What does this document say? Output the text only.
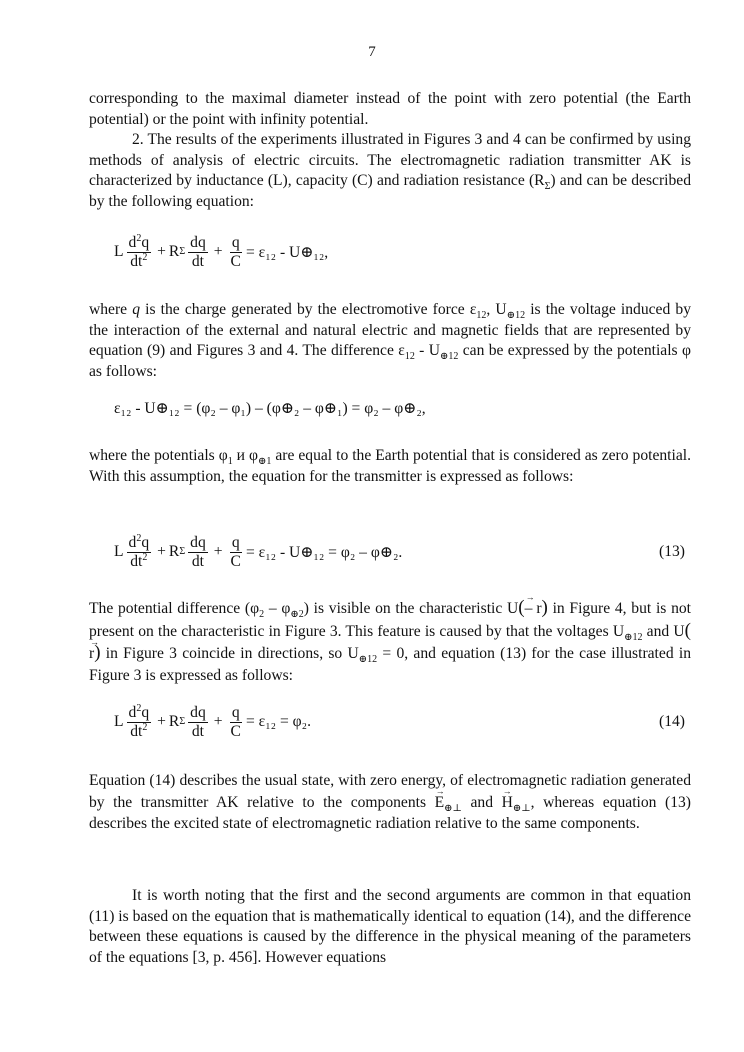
7

corresponding to the maximal diameter instead of the point with zero potential (the Earth potential) or the point with infinity potential.

2. The results of the experiments illustrated in Figures 3 and 4 can be confirmed by using methods of analysis of electric circuits. The electromagnetic radiation transmitter AK is characterized by inductance (L), capacity (C) and radiation resistance $(R_\Sigma)$ and can be described by the following equation:

L $\frac{d^2q}{dt^2} + R$ Σ $\frac{dq}{dt} + \frac{q}{C} = \varepsilon_{12}$ - U⊕₁₂,

where q is the charge generated by the electromotive force $\varepsilon_{12}$, $U_{\oplus 12}$ is the voltage induced by the interaction of the external and natural electric and magnetic fields that are represented by equation (9) and Figures 3 and 4. The difference $\varepsilon_{12} - U_{\oplus 12}$ can be expressed by the potentials φ as follows:

ε₁₂ - U⊕₁₂ = (φ₂ – φ₁) – (φ⊕₂ – φ⊕₁) = φ₂ – φ⊕₂,

where the potentials $\varphi_1$ и $\varphi_{\oplus 1}$ are equal to the Earth potential that is considered as zero potential. With this assumption, the equation for the transmitter is expressed as follows:

L $\frac{d^2q}{dt^2} + R$ Σ $\frac{dq}{dt} + \frac{q}{C} = \varepsilon_{12}$ - U⊕₁₂ = φ₂ – φ⊕₂.	(13)

The potential difference $(\varphi_2 - \varphi_{\oplus 2})$ is visible on the characteristic U(→ – r) in Figure 4, but is not present on the characteristic in Figure 3. This feature is caused by that the voltages $U_{\oplus 12}$ and U(→ r) in Figure 3 coincide in directions, so $U_{\oplus 12} = 0$, and equation (13) for the case illustrated in Figure 3 is expressed as follows:

L $\frac{d^2q}{dt^2} + R$ Σ $\frac{dq}{dt} + \frac{q}{C} = \varepsilon_{12} = \varphi_2$.	(14)

Equation (14) describes the usual state, with zero energy, of electromagnetic radiation generated by the transmitter AK relative to the components → $E_{\oplus\perp}$ and → $H_{\oplus\perp}$, whereas equation (13) describes the excited state of electromagnetic radiation relative to the same components.

It is worth noting that the first and the second arguments are common in that equation (11) is based on the equation that is mathematically identical to equation (14), and the difference between these equations is caused by the difference in the physical meaning of the parameters of the equations [3, p. 456]. However equations
